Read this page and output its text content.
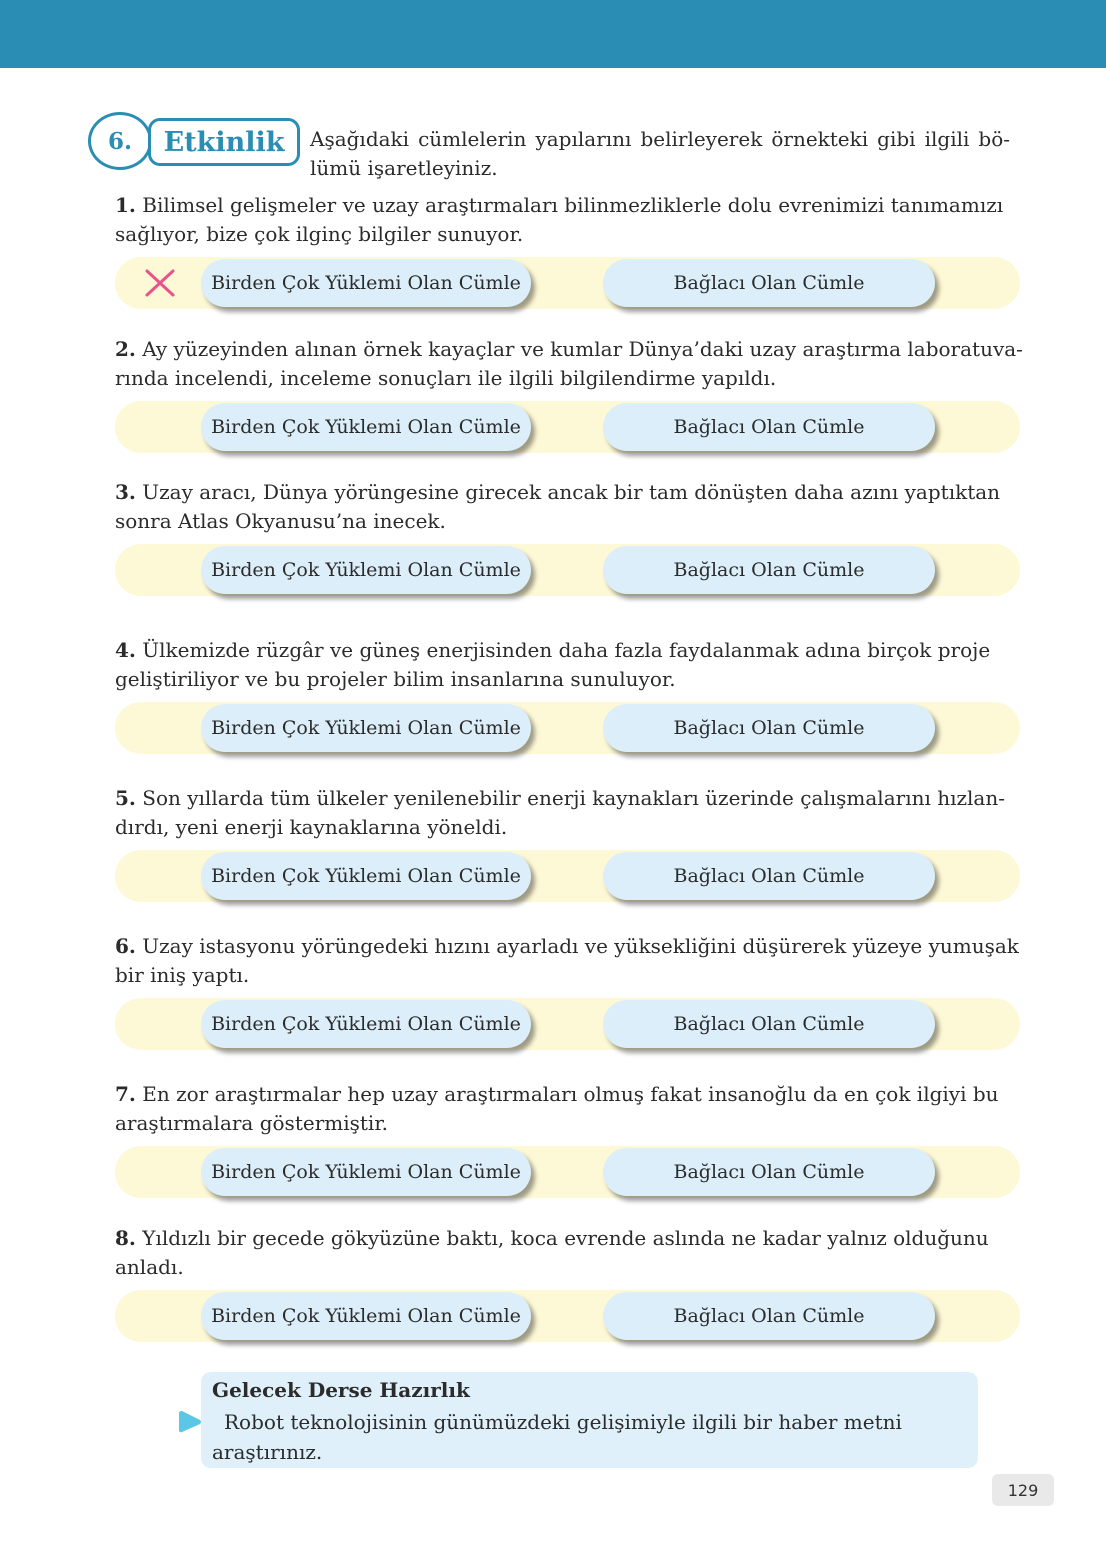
6.	Etkinlik	Aşağıdaki cümlelerin yapılarını belirleyerek örnekteki gibi ilgili bö-lümü işaretleyiniz.
1. Bilimsel gelişmeler ve uzay araştırmaları bilinmezliklerle dolu evrenimizi tanımamızı sağlıyor, bize çok ilginç bilgiler sunuyor.
Birden Çok Yüklemi Olan Cümle	Bağlacı Olan Cümle
2. Ay yüzeyinden alınan örnek kayaçlar ve kumlar Dünya’daki uzay araştırma laboratuva-rında incelendi, inceleme sonuçları ile ilgili bilgilendirme yapıldı.
Birden Çok Yüklemi Olan Cümle	Bağlacı Olan Cümle
3. Uzay aracı, Dünya yörüngesine girecek ancak bir tam dönüşten daha azını yaptıktan sonra Atlas Okyanusu’na inecek.
Birden Çok Yüklemi Olan Cümle	Bağlacı Olan Cümle
4. Ülkemizde rüzgâr ve güneş enerjisinden daha fazla faydalanmak adına birçok proje geliştiriliyor ve bu projeler bilim insanlarına sunuluyor.
Birden Çok Yüklemi Olan Cümle	Bağlacı Olan Cümle
5. Son yıllarda tüm ülkeler yenilenebilir enerji kaynakları üzerinde çalışmalarını hızlan-dırdı, yeni enerji kaynaklarına yöneldi.
Birden Çok Yüklemi Olan Cümle	Bağlacı Olan Cümle
6. Uzay istasyonu yörüngedeki hızını ayarladı ve yüksekliğini düşürerek yüzeye yumuşak bir iniş yaptı.
Birden Çok Yüklemi Olan Cümle	Bağlacı Olan Cümle
7. En zor araştırmalar hep uzay araştırmaları olmuş fakat insanoğlu da en çok ilgiyi bu araştırmalara göstermiştir.
Birden Çok Yüklemi Olan Cümle	Bağlacı Olan Cümle
8. Yıldızlı bir gecede gökyüzüne baktı, koca evrende aslında ne kadar yalnız olduğunu anladı.
Birden Çok Yüklemi Olan Cümle	Bağlacı Olan Cümle
Gelecek Derse Hazırlık
Robot teknolojisinin günümüzdeki gelişimiyle ilgili bir haber metni araştırınız.
129
